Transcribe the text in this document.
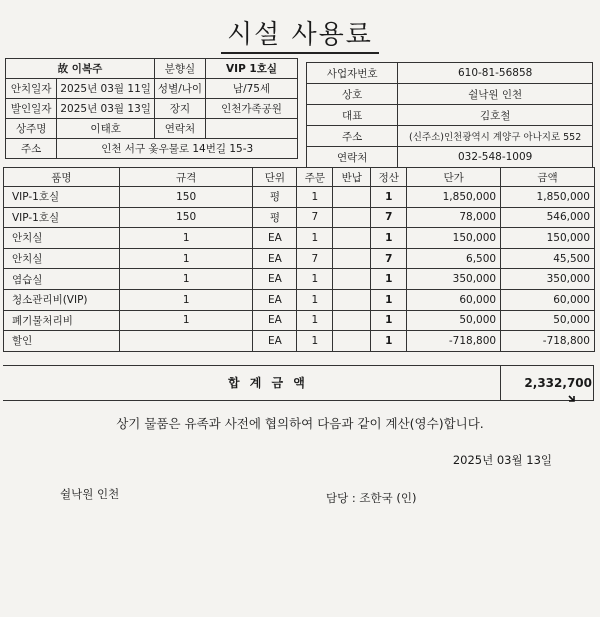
시설 사용료
故 이복주		분향실	VIP 1호실
안치일자	2025년 03월 11일	성별/나이	남/75세
발인일자	2025년 03월 13일	장지	인천가족공원
상주명	이태호	연락처	
주소	인천 서구 옻우물로 14번길 15-3		
사업자번호	610-81-56858
상호	쉴낙원 인천
대표	김호철
주소	(신주소)인천광역시 계양구 아나지로 552
연락처	032-548-1009
품명	규격	단위	주문	반납	정산	단가	금액
VIP-1호실	150	평	1		1	1,850,000	1,850,000
VIP-1호실	150	평	7		7	78,000	546,000
안치실	1	EA	1		1	150,000	150,000
안치실	1	EA	7		7	6,500	45,500
염습실	1	EA	1		1	350,000	350,000
청소관리비(VIP)	1	EA	1		1	60,000	60,000
폐기물처리비	1	EA	1		1	50,000	50,000
할인		EA	1		1	-718,800	-718,800
합 계 금 액	2,332,700
상기 물품은 유족과 사전에 협의하여 다음과 같이 계산(영수)합니다.
2025년 03월 13일
쉴낙원 인천	담당 : 조한국 (인)
